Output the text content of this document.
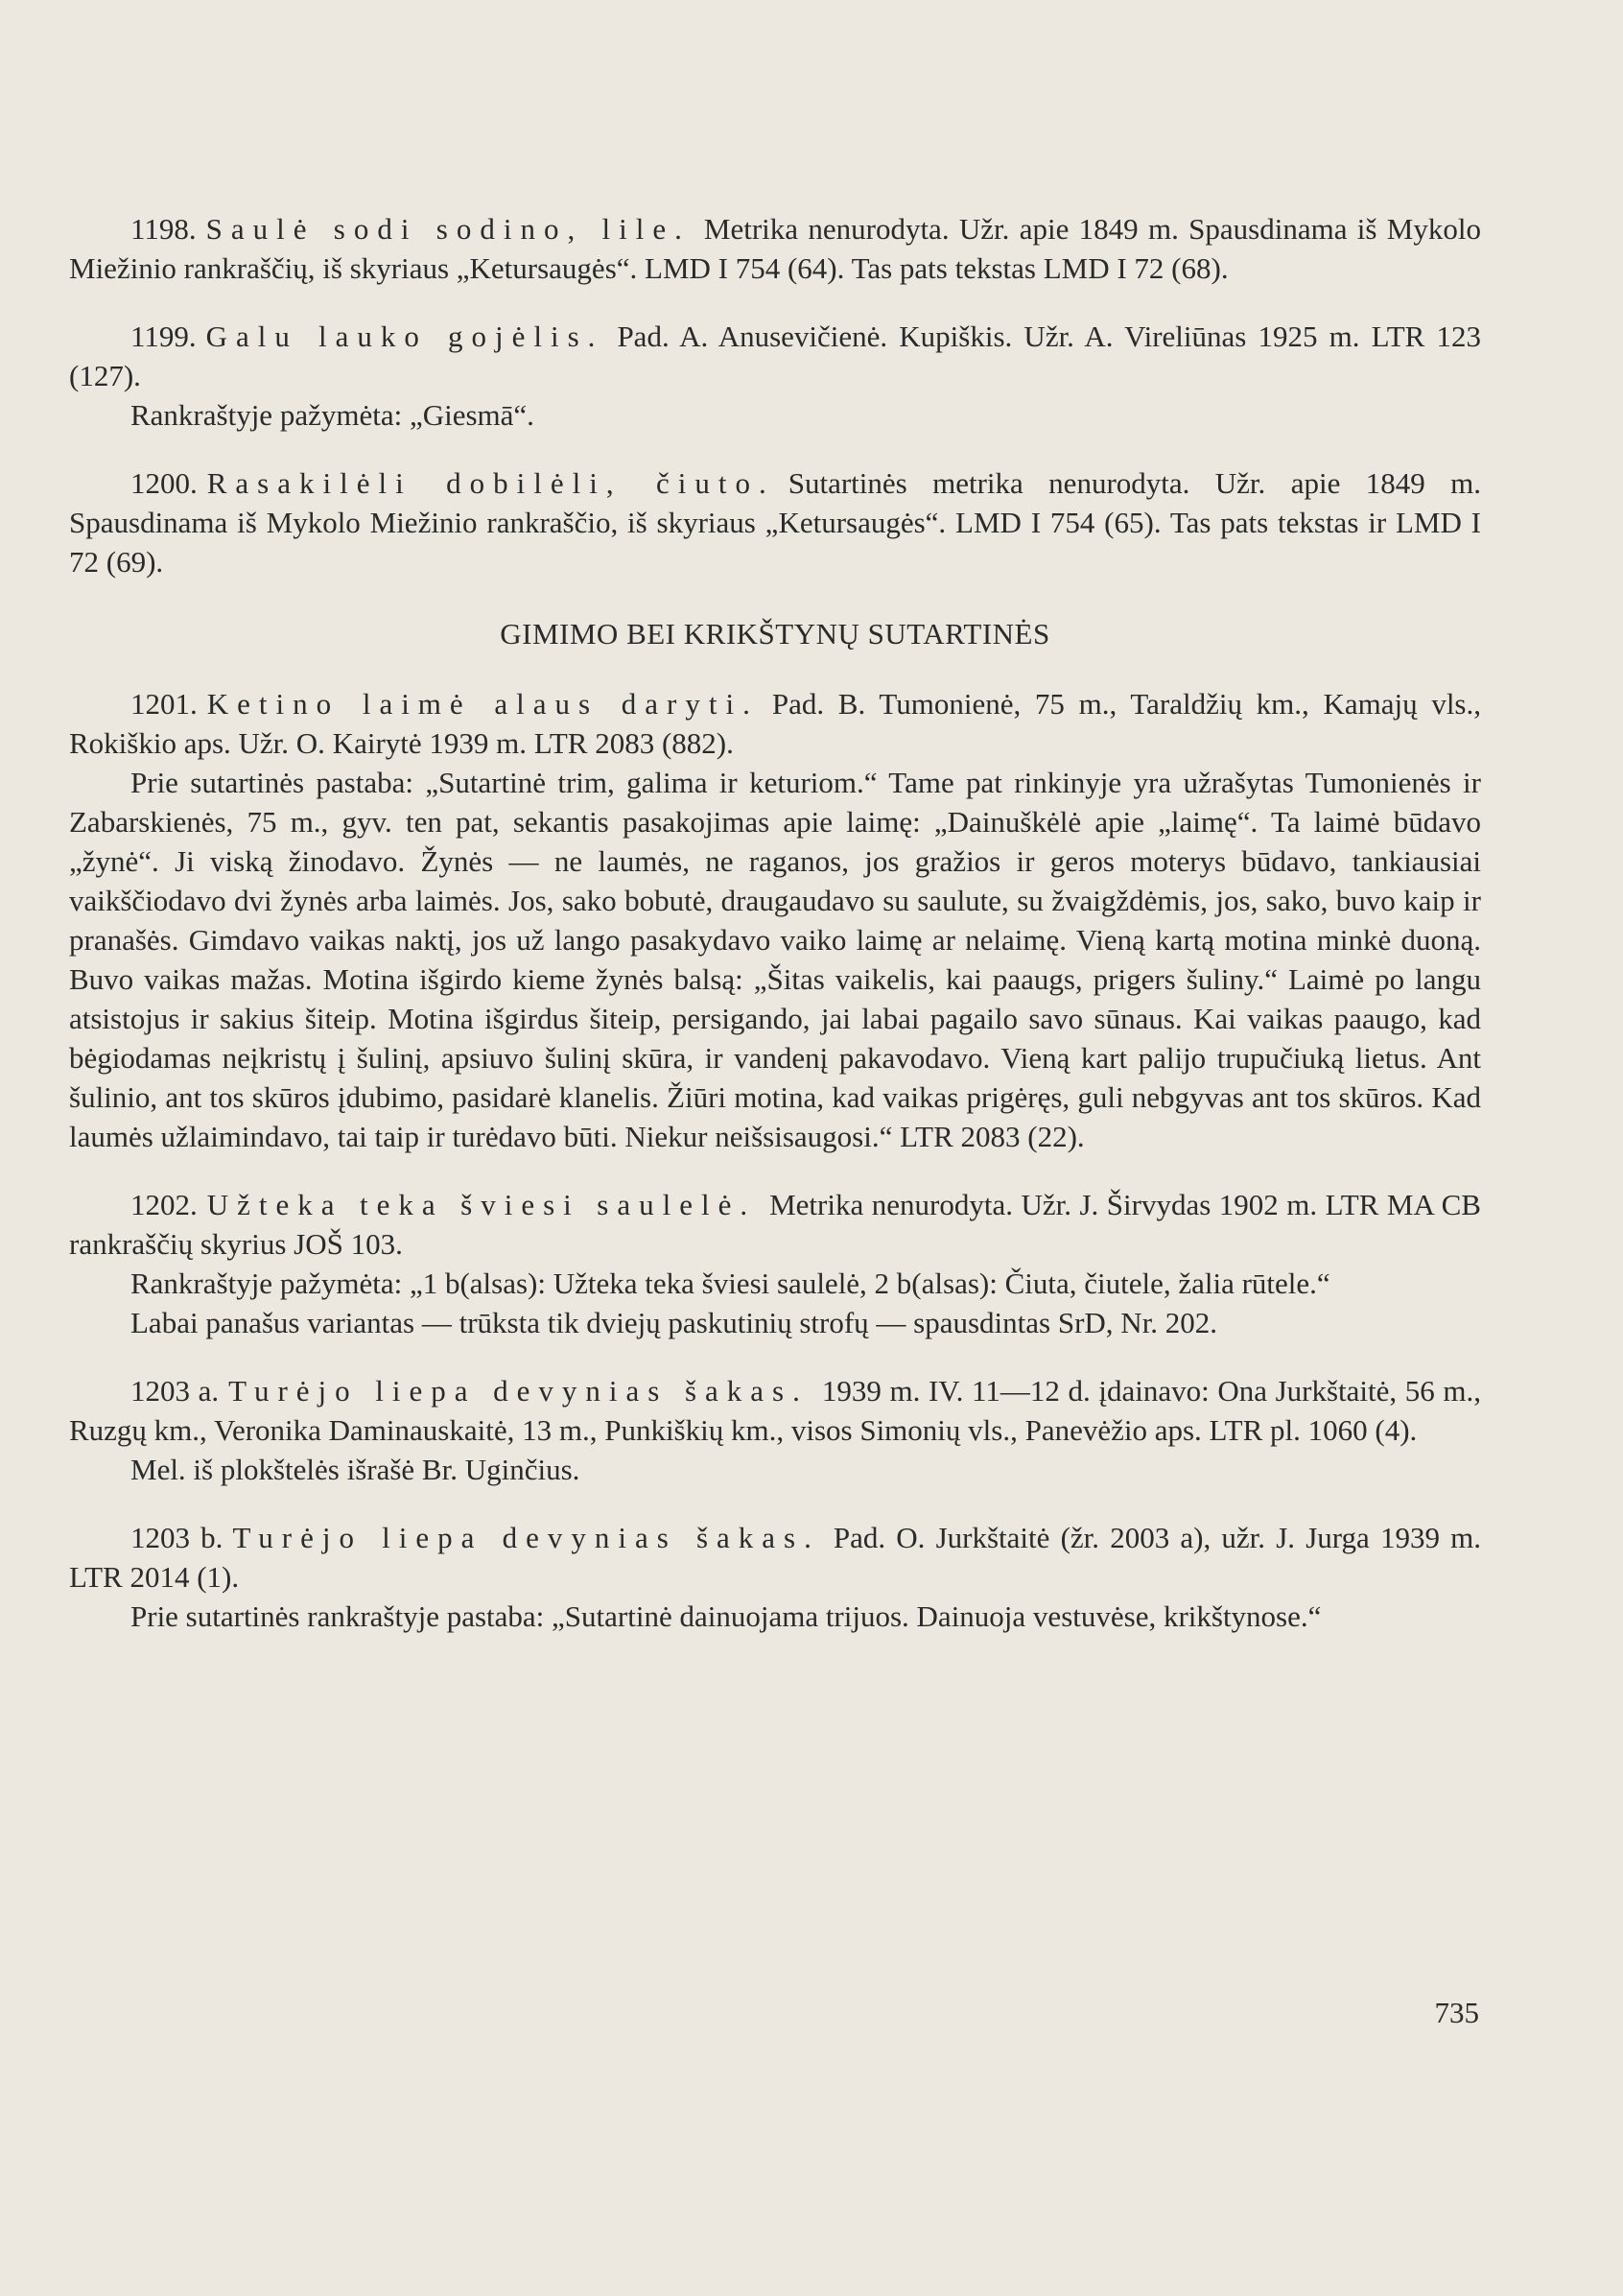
1198. Saulė sodi sodino, lile. Metrika nenurodyta. Užr. apie 1849 m. Spausdinama iš Mykolo Miežinio rankraščių, iš skyriaus „Ketursaugės“. LMD I 754 (64). Tas pats tekstas LMD I 72 (68).

1199. Galu lauko gojėlis. Pad. A. Anusevičienė. Kupiškis. Užr. A. Vireliūnas 1925 m. LTR 123 (127).

Rankraštyje pažymėta: „Giesmā“.

1200. Rasakilėli dobilėli, čiuto. Sutartinės metrika nenurodyta. Užr. apie 1849 m. Spausdinama iš Mykolo Miežinio rankraščio, iš skyriaus „Ketursaugės“. LMD I 754 (65). Tas pats tekstas ir LMD I 72 (69).

GIMIMO BEI KRIKŠTYNŲ SUTARTINĖS

1201. Ketino laimė alaus daryti. Pad. B. Tumonienė, 75 m., Taraldžių km., Kamajų vls., Rokiškio aps. Užr. O. Kairytė 1939 m. LTR 2083 (882).

Prie sutartinės pastaba: „Sutartinė trim, galima ir keturiom.“ Tame pat rinkinyje yra užrašytas Tumonienės ir Zabarskienės, 75 m., gyv. ten pat, sekantis pasakojimas apie laimę: „Dainuškėlė apie „laimę“. Ta laimė būdavo „žynė“. Ji viską žinodavo. Žynės — ne laumės, ne raganos, jos gražios ir geros moterys būdavo, tankiausiai vaikščiodavo dvi žynės arba laimės. Jos, sako bobutė, draugaudavo su saulute, su žvaigždėmis, jos, sako, buvo kaip ir pranašės. Gimdavo vaikas naktį, jos už lango pasakydavo vaiko laimę ar nelaimę. Vieną kartą motina minkė duoną. Buvo vaikas mažas. Motina išgirdo kieme žynės balsą: „Šitas vaikelis, kai paaugs, prigers šuliny.“ Laimė po langu atsistojus ir sakius šiteip. Motina išgirdus šiteip, persigando, jai labai pagailo savo sūnaus. Kai vaikas paaugo, kad bėgiodamas neįkristų į šulinį, apsiuvo šulinį skūra, ir vandenį pakavodavo. Vieną kart palijo trupučiuką lietus. Ant šulinio, ant tos skūros įdubimo, pasidarė klanelis. Žiūri motina, kad vaikas prigėręs, guli nebgyvas ant tos skūros. Kad laumės užlaimindavo, tai taip ir turėdavo būti. Niekur neišsisaugosi.“ LTR 2083 (22).

1202. Užteka teka šviesi saulelė. Metrika nenurodyta. Užr. J. Širvydas 1902 m. LTR MA CB rankraščių skyrius JOŠ 103.

Rankraštyje pažymėta: „1 b(alsas): Užteka teka šviesi saulelė, 2 b(alsas): Čiuta, čiutele, žalia rūtele.“

Labai panašus variantas — trūksta tik dviejų paskutinių strofų — spausdintas SrD, Nr. 202.

1203 a. Turėjo liepa devynias šakas. 1939 m. IV. 11—12 d. įdainavo: Ona Jurkštaitė, 56 m., Ruzgų km., Veronika Daminauskaitė, 13 m., Punkiškių km., visos Simonių vls., Panevėžio aps. LTR pl. 1060 (4).

Mel. iš plokštelės išrašė Br. Uginčius.

1203 b. Turėjo liepa devynias šakas. Pad. O. Jurkštaitė (žr. 2003 a), užr. J. Jurga 1939 m. LTR 2014 (1).

Prie sutartinės rankraštyje pastaba: „Sutartinė dainuojama trijuos. Dainuoja vestuvėse, krikštynose.“

735
